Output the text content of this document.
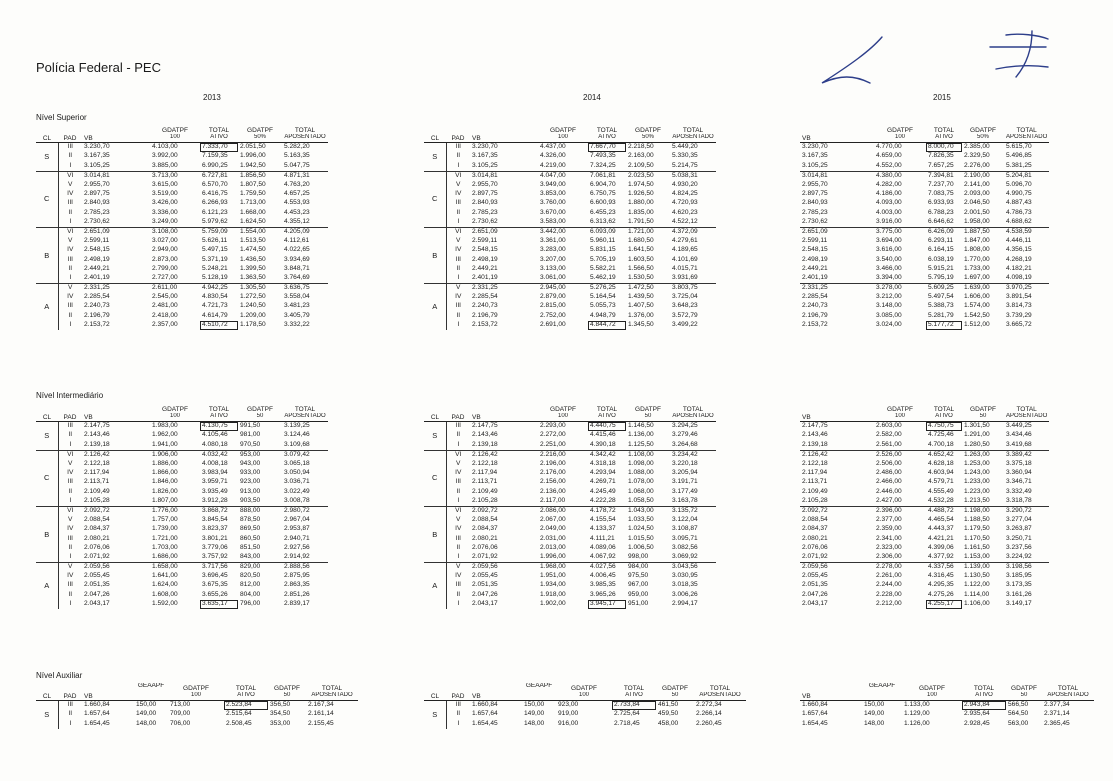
Polícia Federal - PEC
2013	2014	2015
Nível Superior
Nível Intermediário
Nível Auxiliar
CL	PAD	VB	GDATPF	TOTAL	GDATPF	TOTAL
			100	ATIVO	50%	APOSENTADO
S	III	3.230,70	4.103,00	7.333,70	2.051,50	5.282,20
	II	3.167,35	3.992,00	7.159,35	1.996,00	5.163,35
	I	3.105,25	3.885,00	6.990,25	1.942,50	5.047,75
C	VI	3.014,81	3.713,00	6.727,81	1.856,50	4.871,31
	V	2.955,70	3.615,00	6.570,70	1.807,50	4.763,20
	IV	2.897,75	3.519,00	6.416,75	1.759,50	4.657,25
	III	2.840,93	3.426,00	6.266,93	1.713,00	4.553,93
	II	2.785,23	3.336,00	6.121,23	1.668,00	4.453,23
	I	2.730,62	3.249,00	5.979,62	1.624,50	4.355,12
B	VI	2.651,09	3.108,00	5.759,09	1.554,00	4.205,09
	V	2.599,11	3.027,00	5.626,11	1.513,50	4.112,61
	IV	2.548,15	2.949,00	5.497,15	1.474,50	4.022,65
	III	2.498,19	2.873,00	5.371,19	1.436,50	3.934,69
	II	2.449,21	2.799,00	5.248,21	1.399,50	3.848,71
	I	2.401,19	2.727,00	5.128,19	1.363,50	3.764,69
A	V	2.331,25	2.611,00	4.942,25	1.305,50	3.636,75
	IV	2.285,54	2.545,00	4.830,54	1.272,50	3.558,04
	III	2.240,73	2.481,00	4.721,73	1.240,50	3.481,23
	II	2.196,79	2.418,00	4.614,79	1.209,00	3.405,79
	I	2.153,72	2.357,00	4.510,72	1.178,50	3.332,22
CL	PAD	VB	GDATPF	TOTAL	GDATPF	TOTAL
			100	ATIVO	50%	APOSENTADO
S	III	3.230,70	4.437,00	7.667,70	2.218,50	5.449,20
	II	3.167,35	4.326,00	7.493,35	2.163,00	5.330,35
	I	3.105,25	4.219,00	7.324,25	2.109,50	5.214,75
C	VI	3.014,81	4.047,00	7.061,81	2.023,50	5.038,31
	V	2.955,70	3.949,00	6.904,70	1.974,50	4.930,20
	IV	2.897,75	3.853,00	6.750,75	1.926,50	4.824,25
	III	2.840,93	3.760,00	6.600,93	1.880,00	4.720,93
	II	2.785,23	3.670,00	6.455,23	1.835,00	4.620,23
	I	2.730,62	3.583,00	6.313,62	1.791,50	4.522,12
B	VI	2.651,09	3.442,00	6.093,09	1.721,00	4.372,09
	V	2.599,11	3.361,00	5.960,11	1.680,50	4.279,61
	IV	2.548,15	3.283,00	5.831,15	1.641,50	4.189,65
	III	2.498,19	3.207,00	5.705,19	1.603,50	4.101,69
	II	2.449,21	3.133,00	5.582,21	1.566,50	4.015,71
	I	2.401,19	3.061,00	5.462,19	1.530,50	3.931,69
A	V	2.331,25	2.945,00	5.276,25	1.472,50	3.803,75
	IV	2.285,54	2.879,00	5.164,54	1.439,50	3.725,04
	III	2.240,73	2.815,00	5.055,73	1.407,50	3.648,23
	II	2.196,79	2.752,00	4.948,79	1.376,00	3.572,79
	I	2.153,72	2.691,00	4.844,72	1.345,50	3.499,22
VB	GDATPF	TOTAL	GDATPF	TOTAL
	100	ATIVO	50%	APOSENTADO
3.230,70	4.770,00	8.000,70	2.385,00	5.615,70
3.167,35	4.659,00	7.826,35	2.329,50	5.496,85
3.105,25	4.552,00	7.657,25	2.276,00	5.381,25
3.014,81	4.380,00	7.394,81	2.190,00	5.204,81
2.955,70	4.282,00	7.237,70	2.141,00	5.096,70
2.897,75	4.186,00	7.083,75	2.093,00	4.990,75
2.840,93	4.093,00	6.933,93	2.046,50	4.887,43
2.785,23	4.003,00	6.788,23	2.001,50	4.786,73
2.730,62	3.916,00	6.646,62	1.958,00	4.688,62
2.651,09	3.775,00	6.426,09	1.887,50	4.538,59
2.599,11	3.694,00	6.293,11	1.847,00	4.446,11
2.548,15	3.616,00	6.164,15	1.808,00	4.356,15
2.498,19	3.540,00	6.038,19	1.770,00	4.268,19
2.449,21	3.466,00	5.915,21	1.733,00	4.182,21
2.401,19	3.394,00	5.795,19	1.697,00	4.098,19
2.331,25	3.278,00	5.609,25	1.639,00	3.970,25
2.285,54	3.212,00	5.497,54	1.606,00	3.891,54
2.240,73	3.148,00	5.388,73	1.574,00	3.814,73
2.196,79	3.085,00	5.281,79	1.542,50	3.739,29
2.153,72	3.024,00	5.177,72	1.512,00	3.665,72
CL	PAD	VB	GDATPF	TOTAL	GDATPF	TOTAL
			100	ATIVO	50	APOSENTADO
S	III	2.147,75	1.983,00	4.130,75	991,50	3.139,25
	II	2.143,46	1.962,00	4.105,46	981,00	3.124,46
	I	2.139,18	1.941,00	4.080,18	970,50	3.109,68
C	VI	2.126,42	1.906,00	4.032,42	953,00	3.079,42
	V	2.122,18	1.886,00	4.008,18	943,00	3.065,18
	IV	2.117,94	1.866,00	3.983,94	933,00	3.050,94
	III	2.113,71	1.846,00	3.959,71	923,00	3.036,71
	II	2.109,49	1.826,00	3.935,49	913,00	3.022,49
	I	2.105,28	1.807,00	3.912,28	903,50	3.008,78
B	VI	2.092,72	1.776,00	3.868,72	888,00	2.980,72
	V	2.088,54	1.757,00	3.845,54	878,50	2.967,04
	IV	2.084,37	1.739,00	3.823,37	869,50	2.953,87
	III	2.080,21	1.721,00	3.801,21	860,50	2.940,71
	II	2.076,06	1.703,00	3.779,06	851,50	2.927,56
	I	2.071,92	1.686,00	3.757,92	843,00	2.914,92
A	V	2.059,56	1.658,00	3.717,56	829,00	2.888,56
	IV	2.055,45	1.641,00	3.696,45	820,50	2.875,95
	III	2.051,35	1.624,00	3.675,35	812,00	2.863,35
	II	2.047,26	1.608,00	3.655,26	804,00	2.851,26
	I	2.043,17	1.592,00	3.635,17	796,00	2.839,17
CL	PAD	VB	GDATPF	TOTAL	GDATPF	TOTAL
			100	ATIVO	50	APOSENTADO
S	III	2.147,75	2.293,00	4.440,75	1.146,50	3.294,25
	II	2.143,46	2.272,00	4.415,46	1.136,00	3.279,46
	I	2.139,18	2.251,00	4.390,18	1.125,50	3.264,68
C	VI	2.126,42	2.216,00	4.342,42	1.108,00	3.234,42
	V	2.122,18	2.196,00	4.318,18	1.098,00	3.220,18
	IV	2.117,94	2.176,00	4.293,94	1.088,00	3.205,94
	III	2.113,71	2.156,00	4.269,71	1.078,00	3.191,71
	II	2.109,49	2.136,00	4.245,49	1.068,00	3.177,49
	I	2.105,28	2.117,00	4.222,28	1.058,50	3.163,78
B	VI	2.092,72	2.086,00	4.178,72	1.043,00	3.135,72
	V	2.088,54	2.067,00	4.155,54	1.033,50	3.122,04
	IV	2.084,37	2.049,00	4.133,37	1.024,50	3.108,87
	III	2.080,21	2.031,00	4.111,21	1.015,50	3.095,71
	II	2.076,06	2.013,00	4.089,06	1.006,50	3.082,56
	I	2.071,92	1.996,00	4.067,92	998,00	3.069,92
A	V	2.059,56	1.968,00	4.027,56	984,00	3.043,56
	IV	2.055,45	1.951,00	4.006,45	975,50	3.030,95
	III	2.051,35	1.934,00	3.985,35	967,00	3.018,35
	II	2.047,26	1.918,00	3.965,26	959,00	3.006,26
	I	2.043,17	1.902,00	3.945,17	951,00	2.994,17
VB	GDATPF	TOTAL	GDATPF	TOTAL
	100	ATIVO	50	APOSENTADO
2.147,75	2.603,00	4.750,75	1.301,50	3.449,25
2.143,46	2.582,00	4.725,46	1.291,00	3.434,46
2.139,18	2.561,00	4.700,18	1.280,50	3.419,68
2.126,42	2.526,00	4.652,42	1.263,00	3.389,42
2.122,18	2.506,00	4.628,18	1.253,00	3.375,18
2.117,94	2.486,00	4.603,94	1.243,00	3.360,94
2.113,71	2.466,00	4.579,71	1.233,00	3.346,71
2.109,49	2.446,00	4.555,49	1.223,00	3.332,49
2.105,28	2.427,00	4.532,28	1.213,50	3.318,78
2.092,72	2.396,00	4.488,72	1.198,00	3.290,72
2.088,54	2.377,00	4.465,54	1.188,50	3.277,04
2.084,37	2.359,00	4.443,37	1.179,50	3.263,87
2.080,21	2.341,00	4.421,21	1.170,50	3.250,71
2.076,06	2.323,00	4.399,06	1.161,50	3.237,56
2.071,92	2.306,00	4.377,92	1.153,00	3.224,92
2.059,56	2.278,00	4.337,56	1.139,00	3.198,56
2.055,45	2.261,00	4.316,45	1.130,50	3.185,95
2.051,35	2.244,00	4.295,35	1.122,00	3.173,35
2.047,26	2.228,00	4.275,26	1.114,00	3.161,26
2.043,17	2.212,00	4.255,17	1.106,00	3.149,17
CL	PAD	VB	GEAAPF	GDATPF	TOTAL	GDATPF	TOTAL
				100	ATIVO	50	APOSENTADO
S	III	1.660,84	150,00	713,00	2.523,84	356,50	2.167,34
	II	1.657,64	149,00	709,00	2.515,64	354,50	2.161,14
	I	1.654,45	148,00	706,00	2.508,45	353,00	2.155,45
CL	PAD	VB	GEAAPF	GDATPF	TOTAL	GDATPF	TOTAL
				100	ATIVO	50	APOSENTADO
S	III	1.660,84	150,00	923,00	2.733,84	461,50	2.272,34
	II	1.657,64	149,00	919,00	2.725,64	459,50	2.266,14
	I	1.654,45	148,00	916,00	2.718,45	458,00	2.260,45
VB	GEAAPF	GDATPF	TOTAL	GDATPF	TOTAL
		100	ATIVO	50	APOSENTADO
1.660,84	150,00	1.133,00	2.943,84	566,50	2.377,34
1.657,64	149,00	1.129,00	2.935,64	564,50	2.371,14
1.654,45	148,00	1.126,00	2.928,45	563,00	2.365,45
